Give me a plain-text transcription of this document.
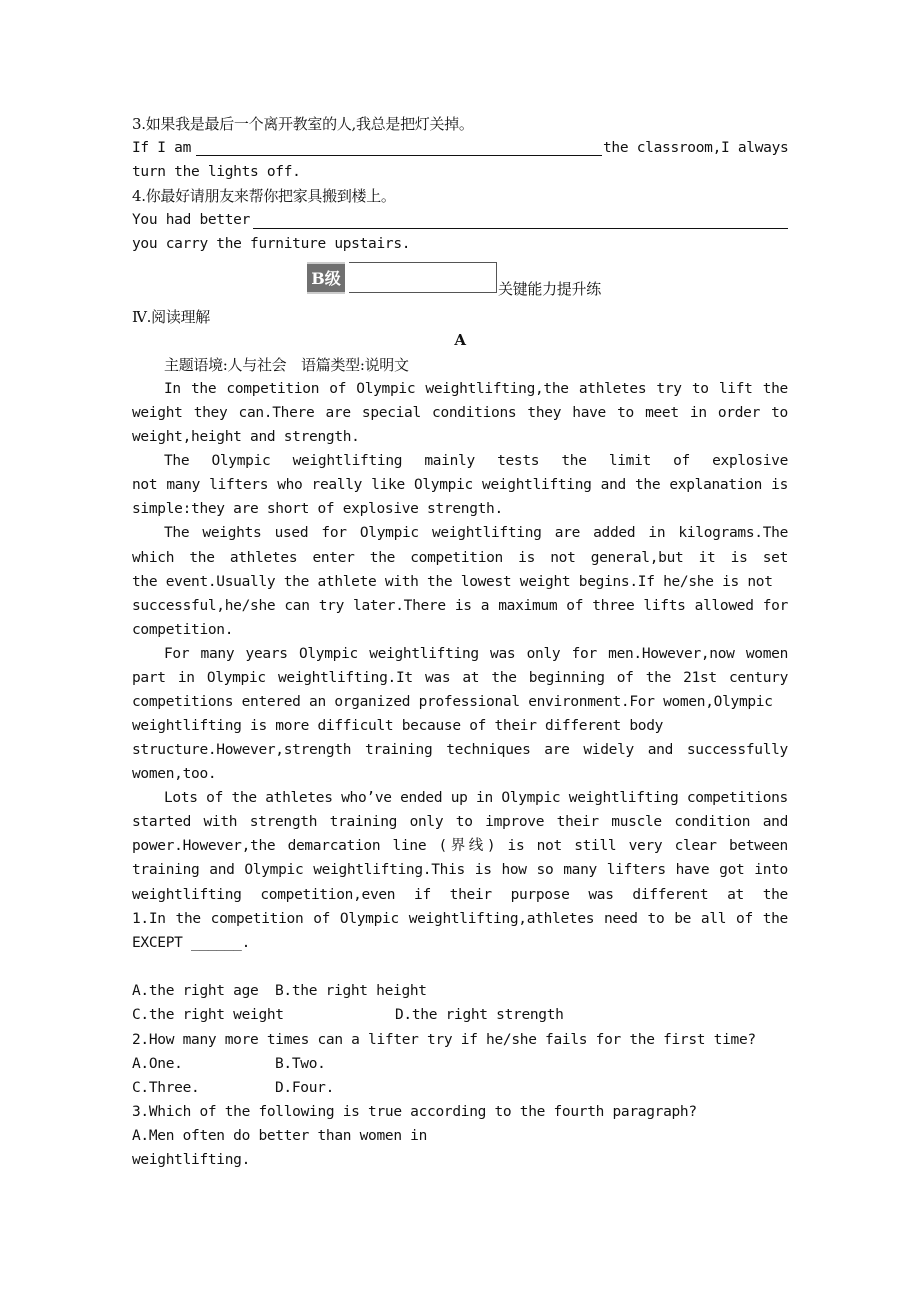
3.如果我是最后一个离开教室的人,我总是把灯关掉。
If I am	the classroom,I always
turn the lights off.
4.你最好请朋友来帮你把家具搬到楼上。
You had better
you carry the furniture upstairs.
B级
关键能力提升练
Ⅳ.阅读理解
A
主题语境:人与社会　语篇类型:说明文
In the competition of Olympic weightlifting,the athletes try to lift the
weight they can.There are special conditions they have to meet in order to
weight,height and strength.
The Olympic weightlifting mainly tests the limit of explosive
not many lifters who really like Olympic weightlifting and the explanation is
simple:they are short of explosive strength.
The weights used for Olympic weightlifting are added in kilograms.The
which the athletes enter the competition is not general,but it is set
the event.Usually the athlete with the lowest weight begins.If he/she is not
successful,he/she can try later.There is a maximum of three lifts allowed for
competition.
For many years Olympic weightlifting was only for men.However,now women
part in Olympic weightlifting.It was at the beginning of the 21st century
competitions entered an organized professional environment.For women,Olympic
weightlifting is more difficult because of their different body
structure.However,strength training techniques are widely and successfully
women,too.
Lots of the athletes who’ve ended up in Olympic weightlifting competitions
started with strength training only to improve their muscle condition and
power.However,the demarcation line (界线) is not still very clear between
training and Olympic weightlifting.This is how so many lifters have got into
weightlifting competition,even if their purpose was different at the
1.In the competition of Olympic weightlifting,athletes need to be all of the
EXCEPT ______.
A.the right age B.the right height
C.the right weight	D.the right strength
2.How many more times can a lifter try if he/she fails for the first time?
A.One.	B.Two.
C.Three.	D.Four.
3.Which of the following is true according to the fourth paragraph?
A.Men often do better than women in
weightlifting.
